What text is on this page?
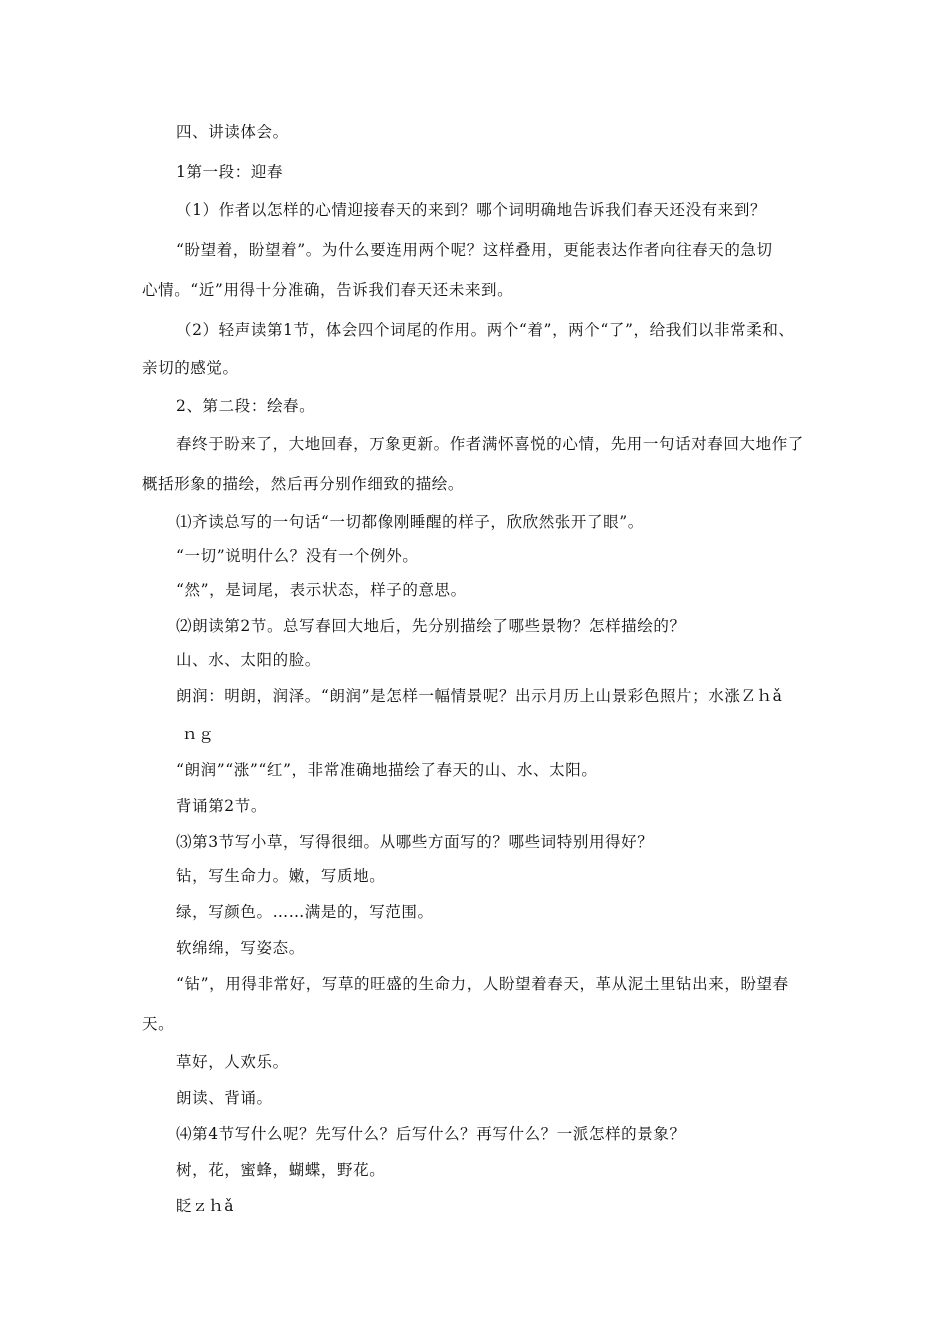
四、讲读体会。
1第一段：迎春
（1）作者以怎样的心情迎接春天的来到？哪个词明确地告诉我们春天还没有来到？
“盼望着，盼望着”。为什么要连用两个呢？这样叠用，更能表达作者向往春天的急切
心情。“近”用得十分准确，告诉我们春天还未来到。
（2）轻声读第1节，体会四个词尾的作用。两个“着”，两个“了”，给我们以非常柔和、
亲切的感觉。
2、第二段：绘春。
春终于盼来了，大地回春，万象更新。作者满怀喜悦的心情，先用一句话对春回大地作了
概括形象的描绘，然后再分别作细致的描绘。
⑴齐读总写的一句话“一切都像刚睡醒的样子，欣欣然张开了眼”。
“一切”说明什么？没有一个例外。
“然”，是词尾，表示状态，样子的意思。
⑵朗读第2节。总写春回大地后，先分别描绘了哪些景物？怎样描绘的？
山、水、太阳的脸。
朗润：明朗，润泽。“朗润”是怎样一幅情景呢？出示月历上山景彩色照片；水涨Ｚｈǎ
ｎｇ
“朗润”“涨”“红”，非常准确地描绘了春天的山、水、太阳。
背诵第2节。
⑶第3节写小草，写得很细。从哪些方面写的？哪些词特别用得好？
钻，写生命力。嫩，写质地。
绿，写颜色。……满是的，写范围。
软绵绵，写姿态。
“钻”，用得非常好，写草的旺盛的生命力，人盼望着春天，革从泥土里钻出来，盼望春
天。
草好，人欢乐。
朗读、背诵。
⑷第4节写什么呢？先写什么？后写什么？再写什么？一派怎样的景象？
树，花，蜜蜂，蝴蝶，野花。
眨ｚｈǎ
